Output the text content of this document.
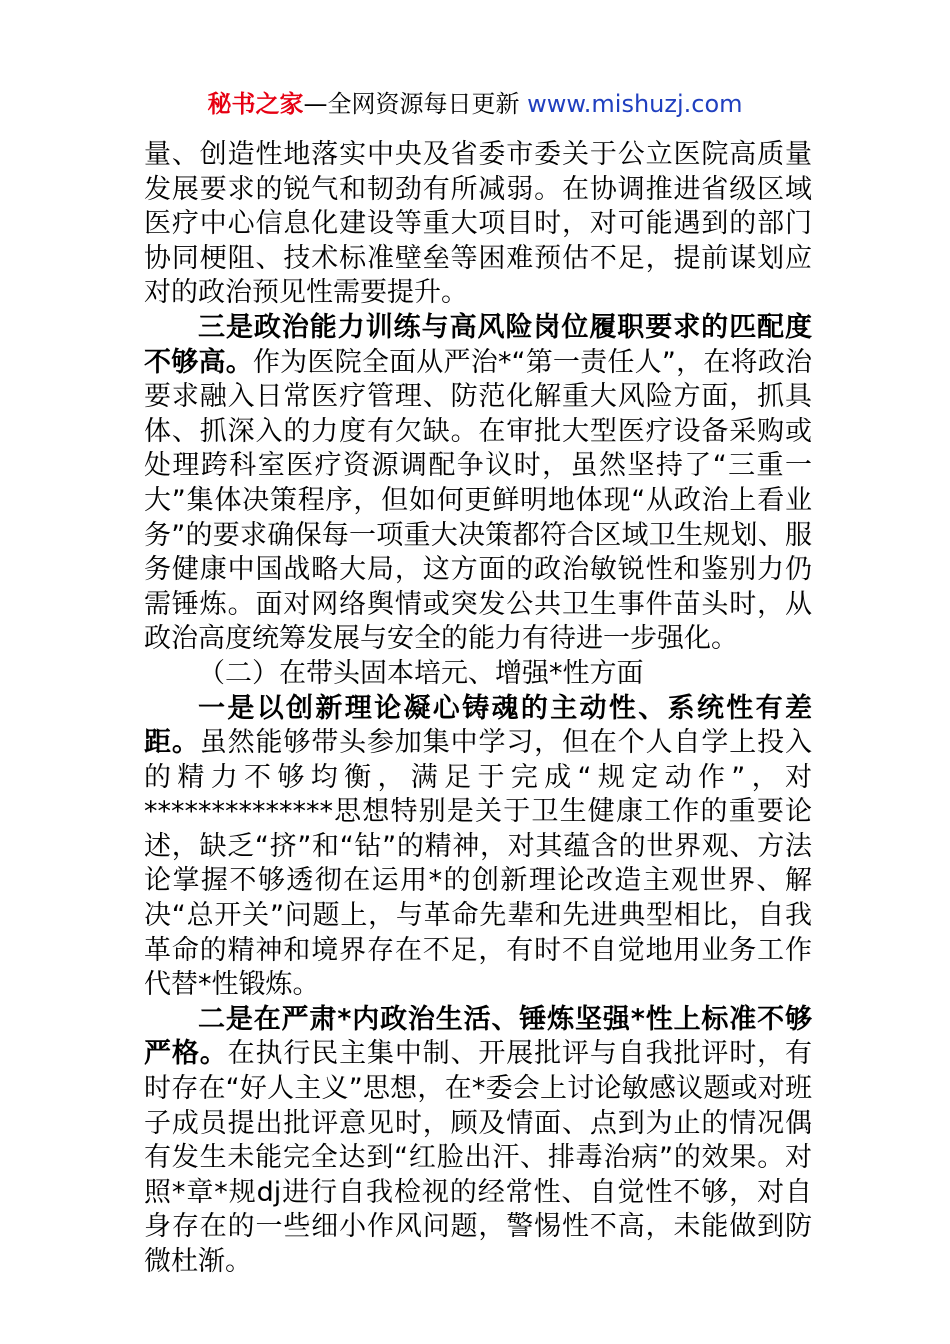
秘书之家—全网资源每日更新 www.mishuzj.com

量、创造性地落实中央及省委市委关于公立医院高质量发展要求的锐气和韧劲有所减弱。在协调推进省级区域医疗中心信息化建设等重大项目时，对可能遇到的部门协同梗阻、技术标准壁垒等困难预估不足，提前谋划应对的政治预见性需要提升。

三是政治能力训练与高风险岗位履职要求的匹配度不够高。作为医院全面从严治*“第一责任人”，在将政治要求融入日常医疗管理、防范化解重大风险方面，抓具体、抓深入的力度有欠缺。在审批大型医疗设备采购或处理跨科室医疗资源调配争议时，虽然坚持了“三重一大”集体决策程序，但如何更鲜明地体现“从政治上看业务”的要求确保每一项重大决策都符合区域卫生规划、服务健康中国战略大局，这方面的政治敏锐性和鉴别力仍需锤炼。面对网络舆情或突发公共卫生事件苗头时，从政治高度统筹发展与安全的能力有待进一步强化。

（二）在带头固本培元、增强*性方面

一是以创新理论凝心铸魂的主动性、系统性有差距。虽然能够带头参加集中学习，但在个人自学上投入的精力不够均衡，满足于完成“规定动作”，对**************思想特别是关于卫生健康工作的重要论述，缺乏“挤”和“钻”的精神，对其蕴含的世界观、方法论掌握不够透彻在运用*的创新理论改造主观世界、解决“总开关”问题上，与革命先辈和先进典型相比，自我革命的精神和境界存在不足，有时不自觉地用业务工作代替*性锻炼。

二是在严肃*内政治生活、锤炼坚强*性上标准不够严格。在执行民主集中制、开展批评与自我批评时，有时存在“好人主义”思想，在*委会上讨论敏感议题或对班子成员提出批评意见时，顾及情面、点到为止的情况偶有发生未能完全达到“红脸出汗、排毒治病”的效果。对照*章*规dj进行自我检视的经常性、自觉性不够，对自身存在的一些细小作风问题，警惕性不高，未能做到防微杜渐。
